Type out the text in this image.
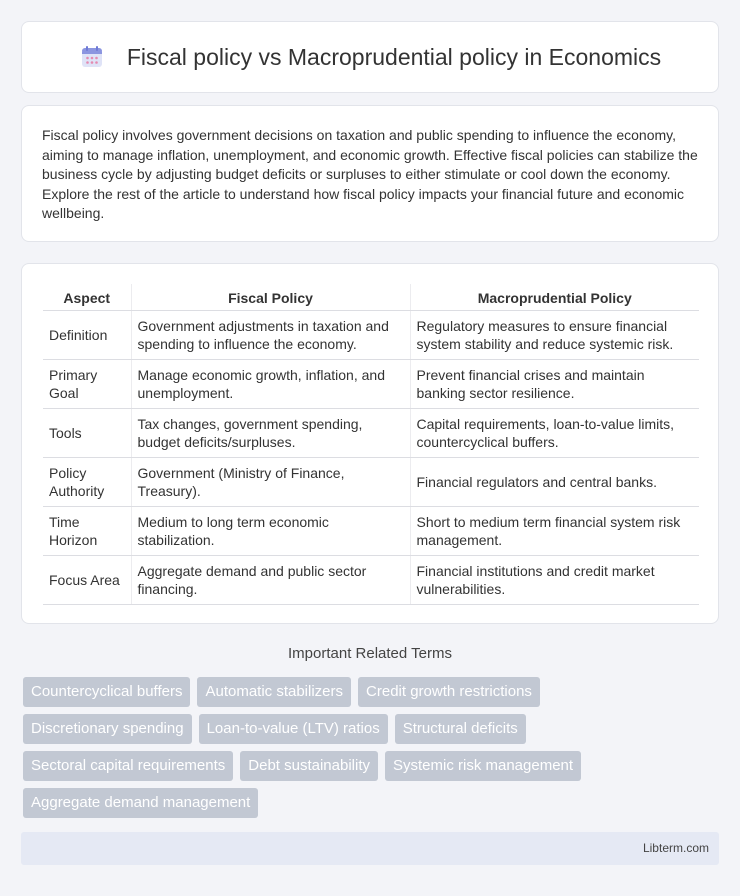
Fiscal policy vs Macroprudential policy in Economics

Fiscal policy involves government decisions on taxation and public spending to influence the economy, aiming to manage inflation, unemployment, and economic growth. Effective fiscal policies can stabilize the business cycle by adjusting budget deficits or surpluses to either stimulate or cool down the economy. Explore the rest of the article to understand how fiscal policy impacts your financial future and economic wellbeing.

Aspect	Fiscal Policy	Macroprudential Policy
Definition	Government adjustments in taxation and spending to influence the economy.	Regulatory measures to ensure financial system stability and reduce systemic risk.
Primary Goal	Manage economic growth, inflation, and unemployment.	Prevent financial crises and maintain banking sector resilience.
Tools	Tax changes, government spending, budget deficits/surpluses.	Capital requirements, loan-to-value limits, countercyclical buffers.
Policy Authority	Government (Ministry of Finance, Treasury).	Financial regulators and central banks.
Time Horizon	Medium to long term economic stabilization.	Short to medium term financial system risk management.
Focus Area	Aggregate demand and public sector financing.	Financial institutions and credit market vulnerabilities.
Important Related Terms
Countercyclical buffers	Automatic stabilizers	Credit growth restrictions
Discretionary spending	Loan-to-value (LTV) ratios	Structural deficits
Sectoral capital requirements	Debt sustainability	Systemic risk management
Aggregate demand management
Libterm.com
